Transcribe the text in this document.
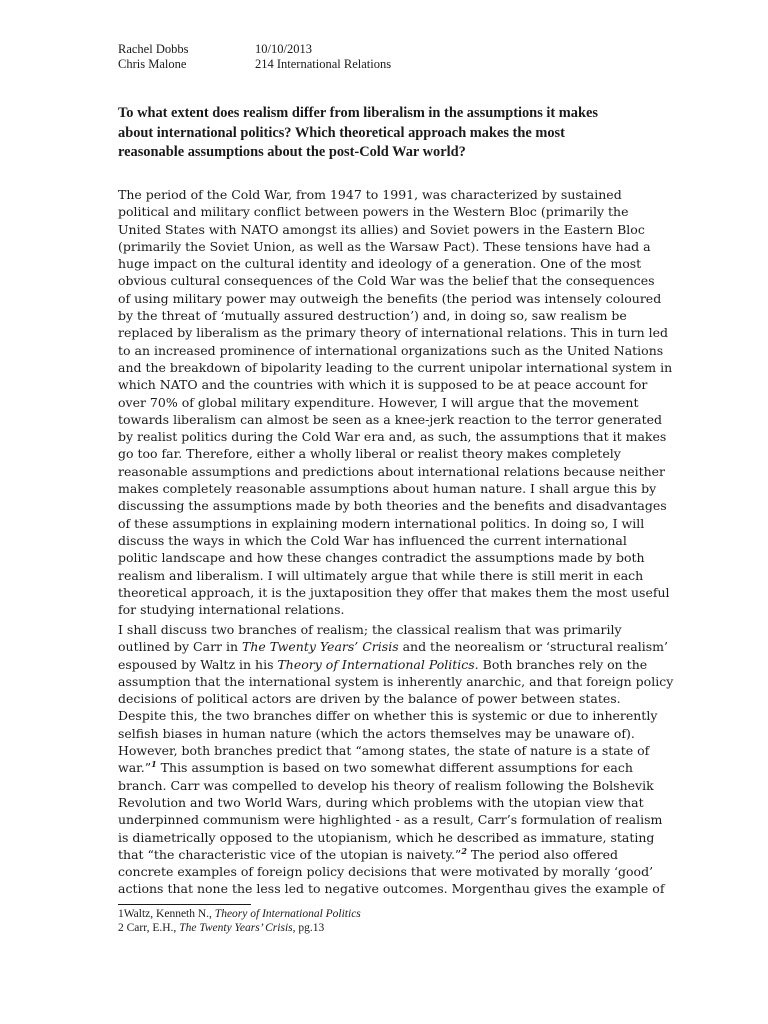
Rachel Dobbs	10/10/2013
Chris Malone	214 International Relations
To what extent does realism differ from liberalism in the assumptions it makes
about international politics? Which theoretical approach makes the most
reasonable assumptions about the post-Cold War world?
The period of the Cold War, from 1947 to 1991, was characterized by sustained
political and military conflict between powers in the Western Bloc (primarily the
United States with NATO amongst its allies) and Soviet powers in the Eastern Bloc
(primarily the Soviet Union, as well as the Warsaw Pact). These tensions have had a
huge impact on the cultural identity and ideology of a generation. One of the most
obvious cultural consequences of the Cold War was the belief that the consequences
of using military power may outweigh the benefits (the period was intensely coloured
by the threat of ‘mutually assured destruction’) and, in doing so, saw realism be
replaced by liberalism as the primary theory of international relations. This in turn led
to an increased prominence of international organizations such as the United Nations
and the breakdown of bipolarity leading to the current unipolar international system in
which NATO and the countries with which it is supposed to be at peace account for
over 70% of global military expenditure. However, I will argue that the movement
towards liberalism can almost be seen as a knee-jerk reaction to the terror generated
by realist politics during the Cold War era and, as such, the assumptions that it makes
go too far. Therefore, either a wholly liberal or realist theory makes completely
reasonable assumptions and predictions about international relations because neither
makes completely reasonable assumptions about human nature. I shall argue this by
discussing the assumptions made by both theories and the benefits and disadvantages
of these assumptions in explaining modern international politics. In doing so, I will
discuss the ways in which the Cold War has influenced the current international
politic landscape and how these changes contradict the assumptions made by both
realism and liberalism. I will ultimately argue that while there is still merit in each
theoretical approach, it is the juxtaposition they offer that makes them the most useful
for studying international relations.
I shall discuss two branches of realism; the classical realism that was primarily
outlined by Carr in The Twenty Years’ Crisis and the neorealism or ‘structural realism’
espoused by Waltz in his Theory of International Politics. Both branches rely on the
assumption that the international system is inherently anarchic, and that foreign policy
decisions of political actors are driven by the balance of power between states.
Despite this, the two branches differ on whether this is systemic or due to inherently
selfish biases in human nature (which the actors themselves may be unaware of).
However, both branches predict that “among states, the state of nature is a state of
war.”$^1$ This assumption is based on two somewhat different assumptions for each
branch. Carr was compelled to develop his theory of realism following the Bolshevik
Revolution and two World Wars, during which problems with the utopian view that
underpinned communism were highlighted - as a result, Carr’s formulation of realism
is diametrically opposed to the utopianism, which he described as immature, stating
that “the characteristic vice of the utopian is naivety.”$^2$ The period also offered
concrete examples of foreign policy decisions that were motivated by morally ‘good’
actions that none the less led to negative outcomes. Morgenthau gives the example of
1Waltz, Kenneth N., Theory of International Politics
2 Carr, E.H., The Twenty Years’ Crisis, pg.13
